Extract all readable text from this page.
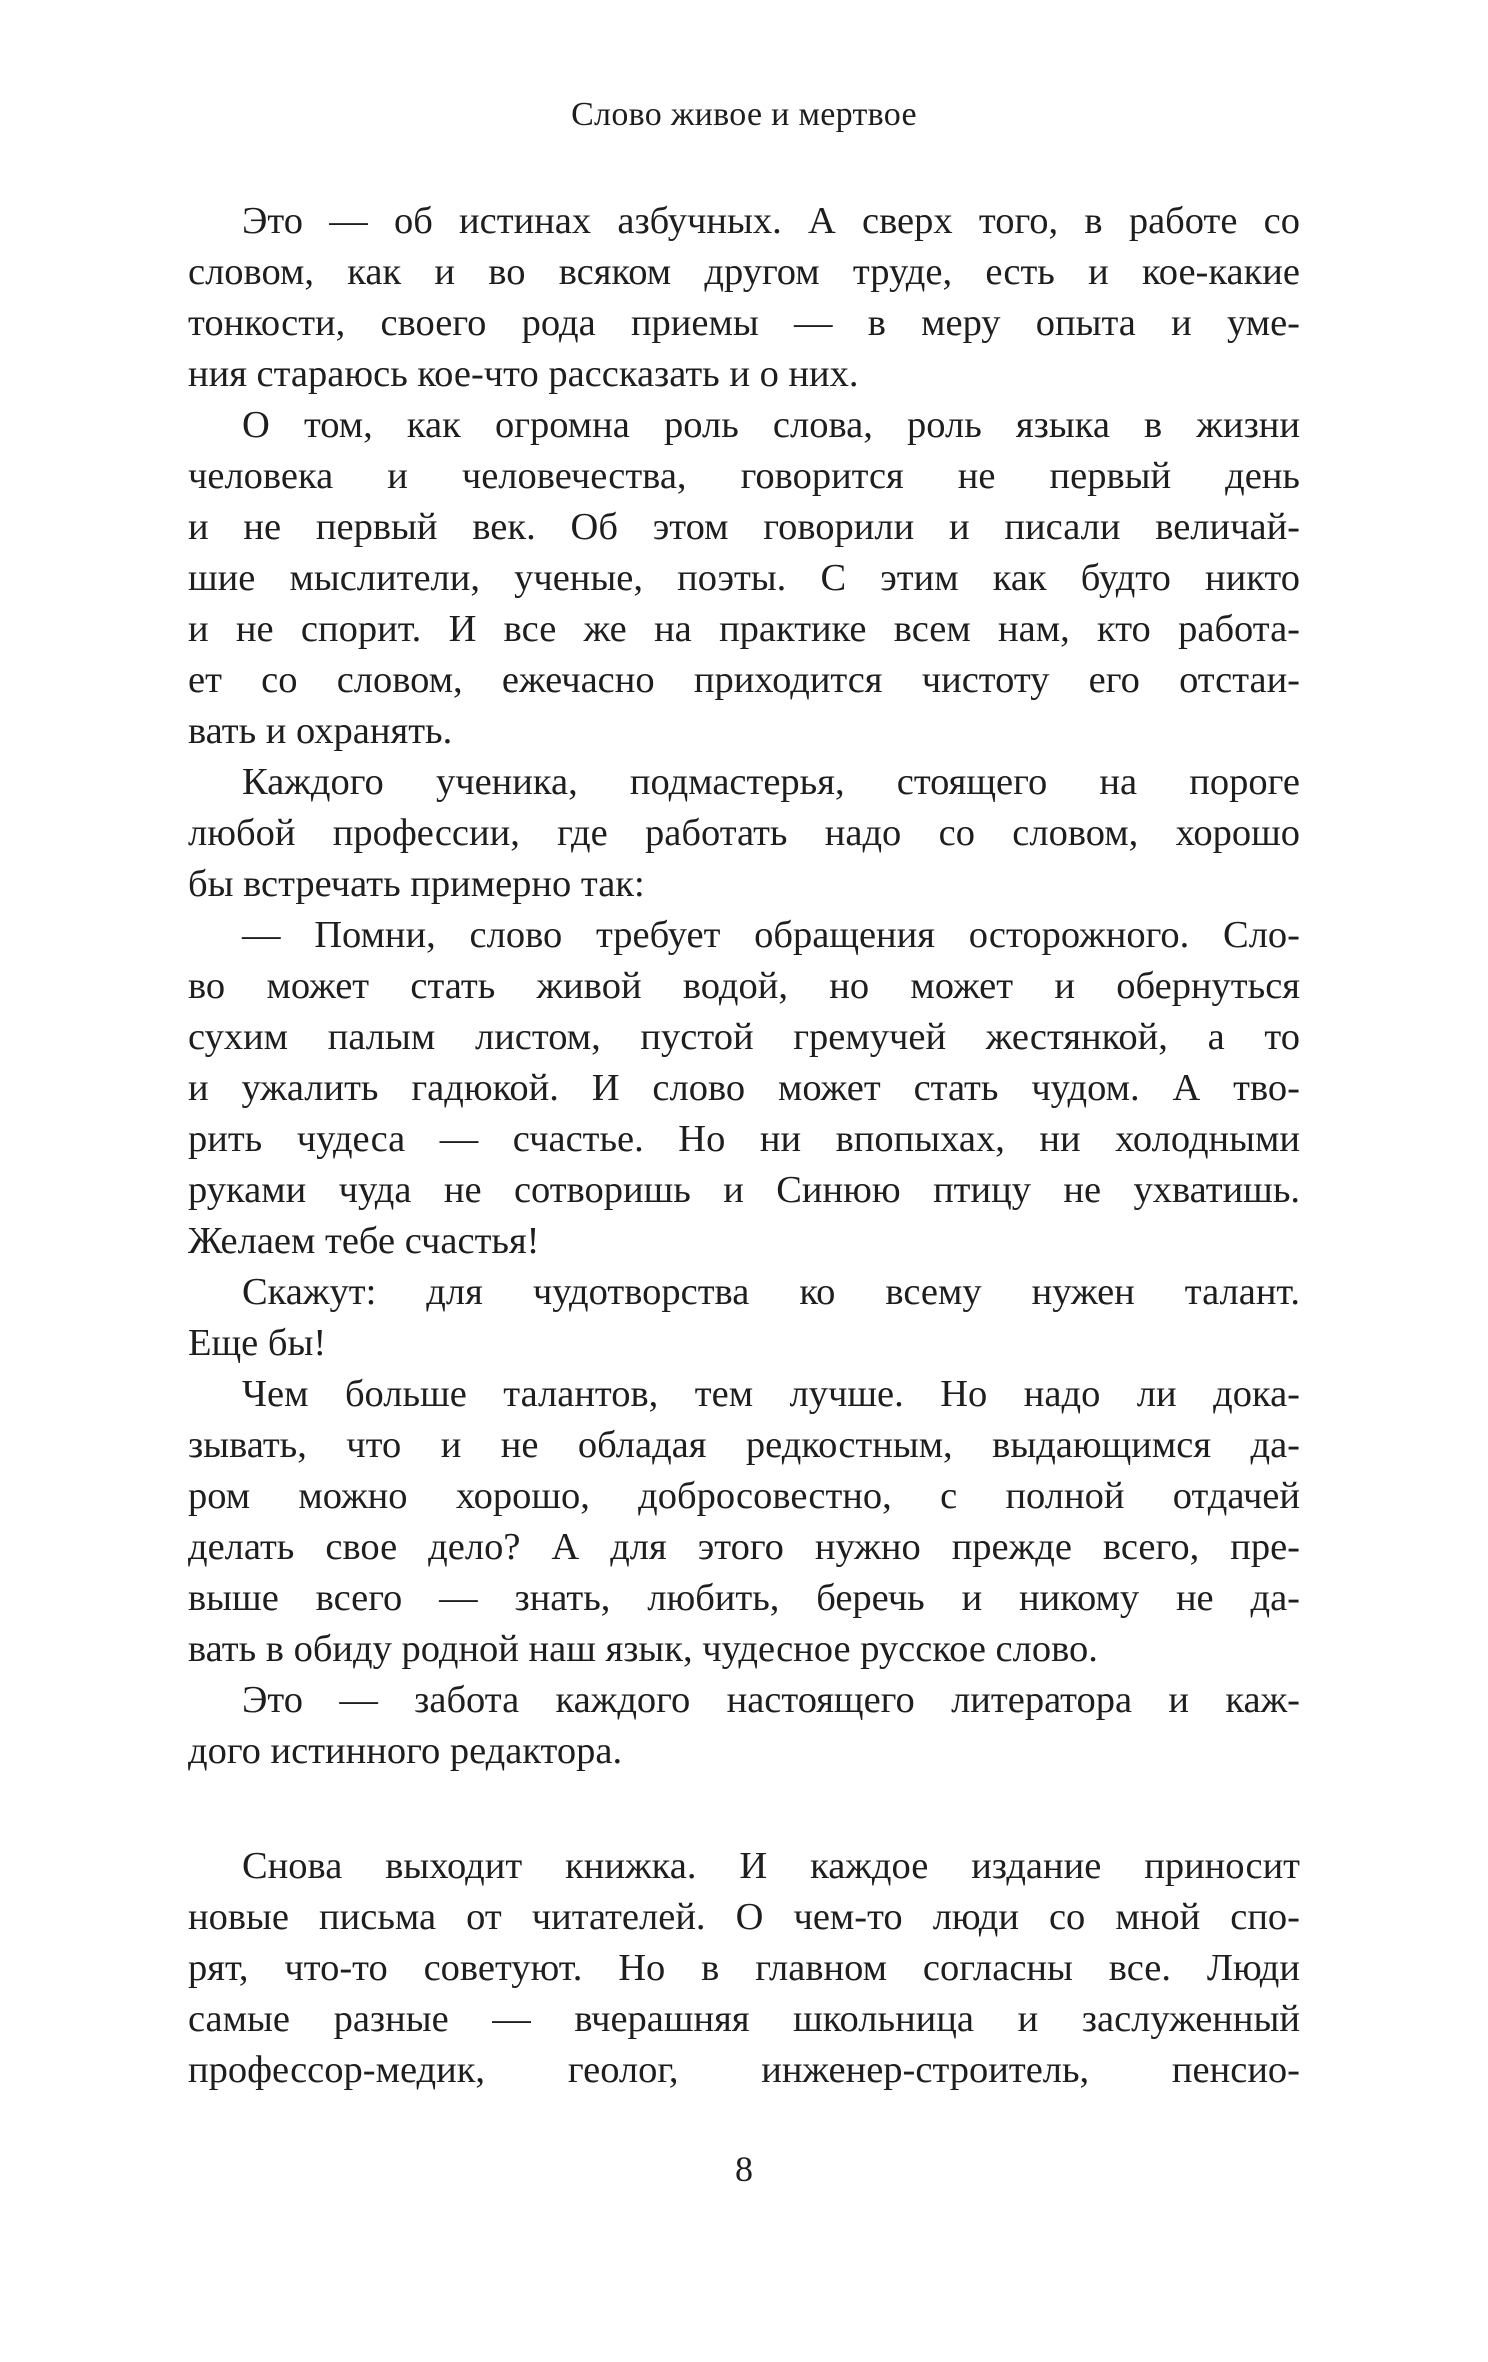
Слово живое и мертвое

Это — об истинах азбучных. А сверх того, в работе со
словом, как и во всяком другом труде, есть и кое-какие
тонкости, своего рода приемы — в меру опыта и уме-
ния стараюсь кое-что рассказать и о них.
О том, как огромна роль слова, роль языка в жизни
человека и человечества, говорится не первый день
и не первый век. Об этом говорили и писали величай-
шие мыслители, ученые, поэты. С этим как будто никто
и не спорит. И все же на практике всем нам, кто работа-
ет со словом, ежечасно приходится чистоту его отстаи-
вать и охранять.
Каждого ученика, подмастерья, стоящего на пороге
любой профессии, где работать надо со словом, хорошо
бы встречать примерно так:
— Помни, слово требует обращения осторожного. Сло-
во может стать живой водой, но может и обернуться
сухим палым листом, пустой гремучей жестянкой, а то
и ужалить гадюкой. И слово может стать чудом. А тво-
рить чудеса — счастье. Но ни впопыхах, ни холодными
руками чуда не сотворишь и Синюю птицу не ухватишь.
Желаем тебе счастья!
Скажут: для чудотворства ко всему нужен талант.
Еще бы!
Чем больше талантов, тем лучше. Но надо ли дока-
зывать, что и не обладая редкостным, выдающимся да-
ром можно хорошо, добросовестно, с полной отдачей
делать свое дело? А для этого нужно прежде всего, пре-
выше всего — знать, любить, беречь и никому не да-
вать в обиду родной наш язык, чудесное русское слово.
Это — забота каждого настоящего литератора и каж-
дого истинного редактора.
Снова выходит книжка. И каждое издание приносит
новые письма от читателей. О чем-то люди со мной спо-
рят, что-то советуют. Но в главном согласны все. Люди
самые разные — вчерашняя школьница и заслуженный
профессор-медик, геолог, инженер-строитель, пенсио-

8
